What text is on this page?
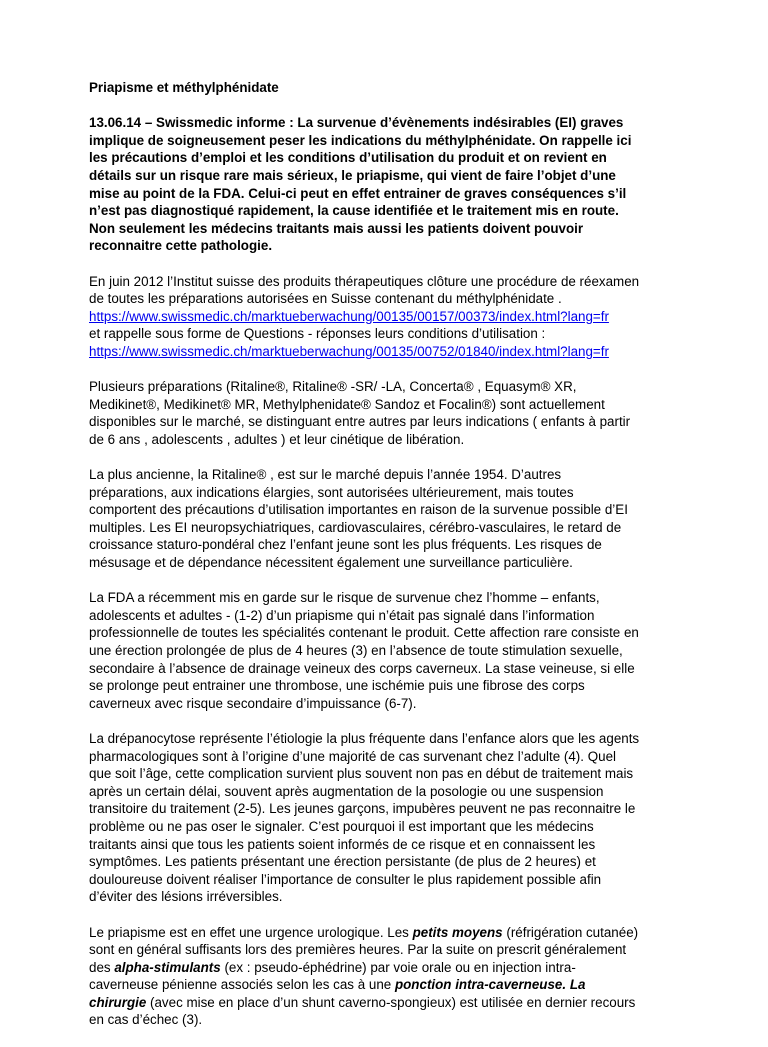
Priapisme et méthylphénidate

13.06.14 – Swissmedic informe : La survenue d’évènements indésirables (EI) graves
implique de soigneusement peser les indications du méthylphénidate. On rappelle ici
les précautions d’emploi et les conditions d’utilisation du produit et on revient en
détails sur un risque rare mais sérieux, le priapisme, qui vient de faire l’objet d’une
mise au point de la FDA. Celui-ci peut en effet entrainer de graves conséquences s’il
n’est pas diagnostiqué rapidement, la cause identifiée et le traitement mis en route.
Non seulement les médecins traitants mais aussi les patients doivent pouvoir
reconnaitre cette pathologie.

En juin 2012 l’Institut suisse des produits thérapeutiques clôture une procédure de réexamen
de toutes les préparations autorisées en Suisse contenant du méthylphénidate .
https://www.swissmedic.ch/marktueberwachung/00135/00157/00373/index.html?lang=fr
et rappelle sous forme de Questions - réponses leurs conditions d’utilisation :
https://www.swissmedic.ch/marktueberwachung/00135/00752/01840/index.html?lang=fr

Plusieurs préparations (Ritaline®, Ritaline® -SR/ -LA, Concerta® , Equasym® XR,
Medikinet®, Medikinet® MR, Methylphenidate® Sandoz et Focalin®) sont actuellement
disponibles sur le marché, se distinguant entre autres par leurs indications ( enfants à partir
de 6 ans , adolescents , adultes ) et leur cinétique de libération.

La plus ancienne, la Ritaline® , est sur le marché depuis l’année 1954. D’autres
préparations, aux indications élargies, sont autorisées ultérieurement, mais toutes
comportent des précautions d’utilisation importantes en raison de la survenue possible d’EI
multiples. Les EI neuropsychiatriques, cardiovasculaires, cérébro-vasculaires, le retard de
croissance staturo-pondéral chez l’enfant jeune sont les plus fréquents. Les risques de
mésusage et de dépendance nécessitent également une surveillance particulière.

La FDA a récemment mis en garde sur le risque de survenue chez l’homme – enfants,
adolescents et adultes - (1-2) d’un priapisme qui n’était pas signalé dans l’information
professionnelle de toutes les spécialités contenant le produit. Cette affection rare consiste en
une érection prolongée de plus de 4 heures (3) en l’absence de toute stimulation sexuelle,
secondaire à l’absence de drainage veineux des corps caverneux. La stase veineuse, si elle
se prolonge peut entrainer une thrombose, une ischémie puis une fibrose des corps
caverneux avec risque secondaire d’impuissance (6-7).

La drépanocytose représente l’étiologie la plus fréquente dans l’enfance alors que les agents
pharmacologiques sont à l’origine d’une majorité de cas survenant chez l’adulte (4). Quel
que soit l’âge, cette complication survient plus souvent non pas en début de traitement mais
après un certain délai, souvent après augmentation de la posologie ou une suspension
transitoire du traitement (2-5). Les jeunes garçons, impubères peuvent ne pas reconnaitre le
problème ou ne pas oser le signaler. C’est pourquoi il est important que les médecins
traitants ainsi que tous les patients soient informés de ce risque et en connaissent les
symptômes. Les patients présentant une érection persistante (de plus de 2 heures) et
douloureuse doivent réaliser l’importance de consulter le plus rapidement possible afin
d’éviter des lésions irréversibles.

Le priapisme est en effet une urgence urologique. Les petits moyens (réfrigération cutanée)
sont en général suffisants lors des premières heures. Par la suite on prescrit généralement
des alpha-stimulants (ex : pseudo-éphédrine) par voie orale ou en injection intra-
caverneuse pénienne associés selon les cas à une ponction intra-caverneuse. La
chirurgie (avec mise en place d’un shunt caverno-spongieux) est utilisée en dernier recours
en cas d’échec (3).
